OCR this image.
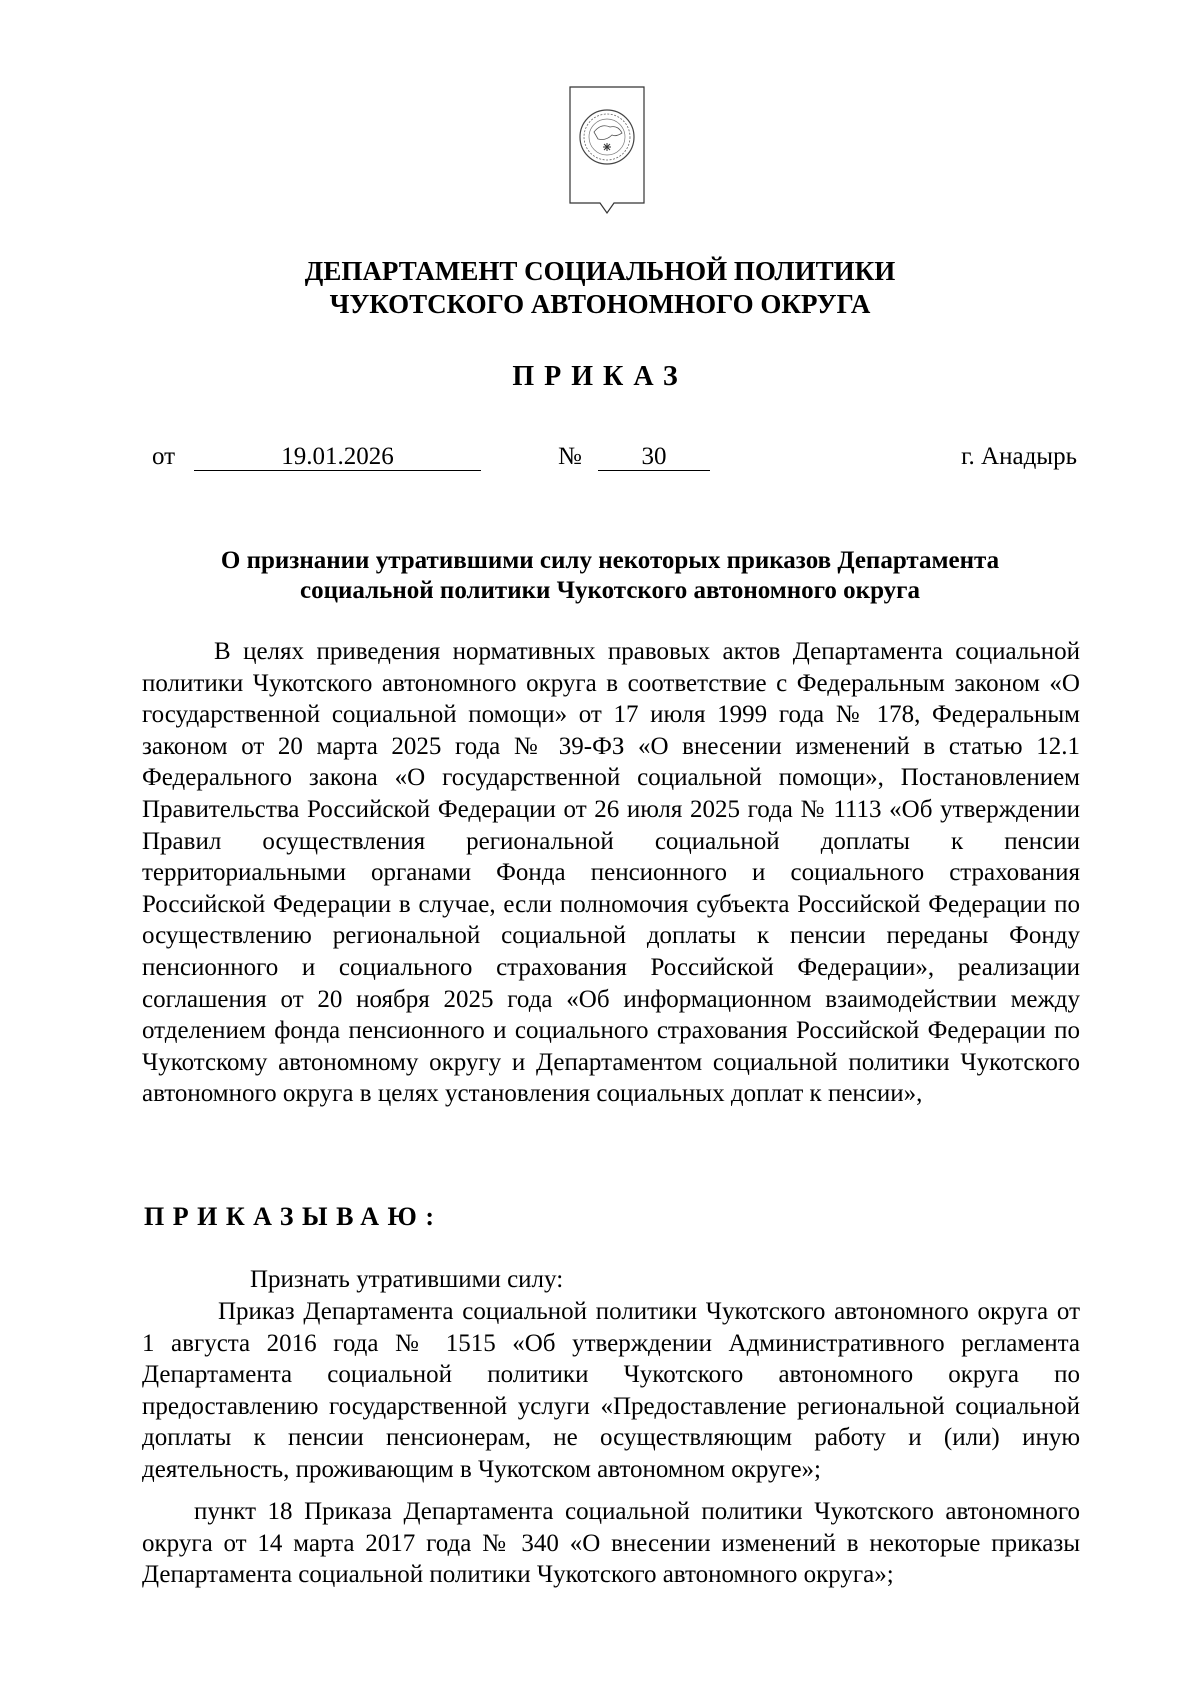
ДЕПАРТАМЕНТ СОЦИАЛЬНОЙ ПОЛИТИКИ
ЧУКОТСКОГО АВТОНОМНОГО ОКРУГА
ПРИКАЗ
от	19.01.2026	№	30	г. Анадырь
О признании утратившими силу некоторых приказов Департамента
социальной политики Чукотского автономного округа

В целях приведения нормативных правовых актов Департамента социальной политики Чукотского автономного округа в соответствие с Федеральным законом «О государственной социальной помощи» от 17 июля 1999 года № 178, Федеральным законом от 20 марта 2025 года № 39-ФЗ «О внесении изменений в статью 12.1 Федерального закона «О государственной социальной помощи», Постановлением Правительства Российской Федерации от 26 июля 2025 года № 1113 «Об утверждении Правил осуществления региональной социальной доплаты к пенсии территориальными органами Фонда пенсионного и социального страхования Российской Федерации в случае, если полномочия субъекта Российской Федерации по осуществлению региональной социальной доплаты к пенсии переданы Фонду пенсионного и социального страхования Российской Федерации», реализации соглашения от 20 ноября 2025 года «Об информационном взаимодействии между отделением фонда пенсионного и социального страхования Российской Федерации по Чукотскому автономному округу и Департаментом социальной политики Чукотского автономного округа в целях установления социальных доплат к пенсии»,

ПРИКАЗЫВАЮ:

Признать утратившими силу:

Приказ Департамента социальной политики Чукотского автономного округа от 1 августа 2016 года № 1515 «Об утверждении Административного регламента Департамента социальной политики Чукотского автономного округа по предоставлению государственной услуги «Предоставление региональной социальной доплаты к пенсии пенсионерам, не осуществляющим работу и (или) иную деятельность, проживающим в Чукотском автономном округе»;

пункт 18 Приказа Департамента социальной политики Чукотского автономного округа от 14 марта 2017 года № 340 «О внесении изменений в некоторые приказы Департамента социальной политики Чукотского автономного округа»;
